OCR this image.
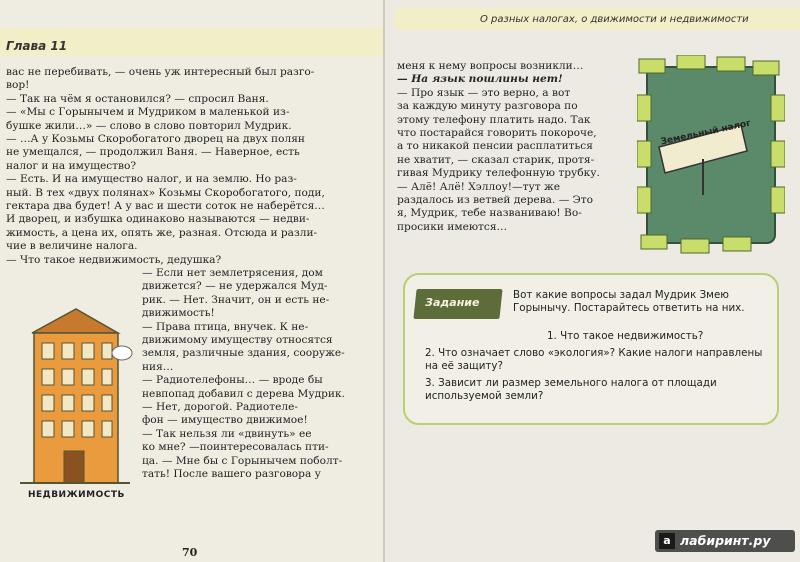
Глава 11
ваc не перебивать, — очень уж интересный был разго-
вор!
— Так на чём я остановился? — спросил Ваня.
— «Мы с Горынычем и Мудриком в маленькой из-
бушке жили…» — слово в слово повторил Мудрик.
— …А у Козьмы Скоробогатого дворец на двух полян
не умещался, — продолжил Ваня. — Наверное, есть
налог и на имущество?
— Есть. И на имущество налог, и на землю. Но раз-
ный. В тех «двух полянах» Козьмы Скоробогатого, поди,
гектара два будет! А у вас и шести соток не наберётся…
И дворец, и избушка одинаково называются — недви-
жимость, а цена их, опять же, разная. Отсюда и разли-
чие в величине налога.
— Что такое недвижимость, дедушка?
— Если нет землетрясения, дом
движется? — не удержался Муд-
рик. — Нет. Значит, он и есть не-
движимость!
— Права птица, внучек. К не-
движимому имуществу относятся
земля, различные здания, сооруже-
ния…
— Радиотелефоны… — вроде бы
невпопад добавил с дерева Мудрик.
— Нет, дорогой. Радиотеле-
фон — имущество движимое!
— Так нельзя ли «двинуть» ее
ко мне? —поинтересовалась пти-
ца. — Мне бы с Горынычем поболт-
тать! После вашего разговора у
НЕДВИЖИМОСТЬ
70
О разных налогах, о движимости и недвижимости
меня к нему вопросы возникли…
— На язык пошлины нет!
— Про язык — это верно, а вот
за каждую минуту разговора по
этому телефону платить надо. Так
что постарайся говорить покороче,
а то никакой пенсии расплатиться
не хватит, — сказал старик, протя-
гивая Мудрику телефонную трубку.
— Алё! Алё! Хэллоу!—тут же
раздалось из ветвей дерева. — Это
я, Мудрик, тебе названиваю! Во-
просики имеются…
Земельный налог
Задание
Вот какие вопросы задал Мудрик Змею Горынычу. Постарайтесь ответить на них.
1. Что такое недвижимость?
2. Что означает слово «экология»? Какие налоги направлены на её защиту?
3. Зависит ли размер земельного налога от площади используемой земли?
а лабиринт.ру
